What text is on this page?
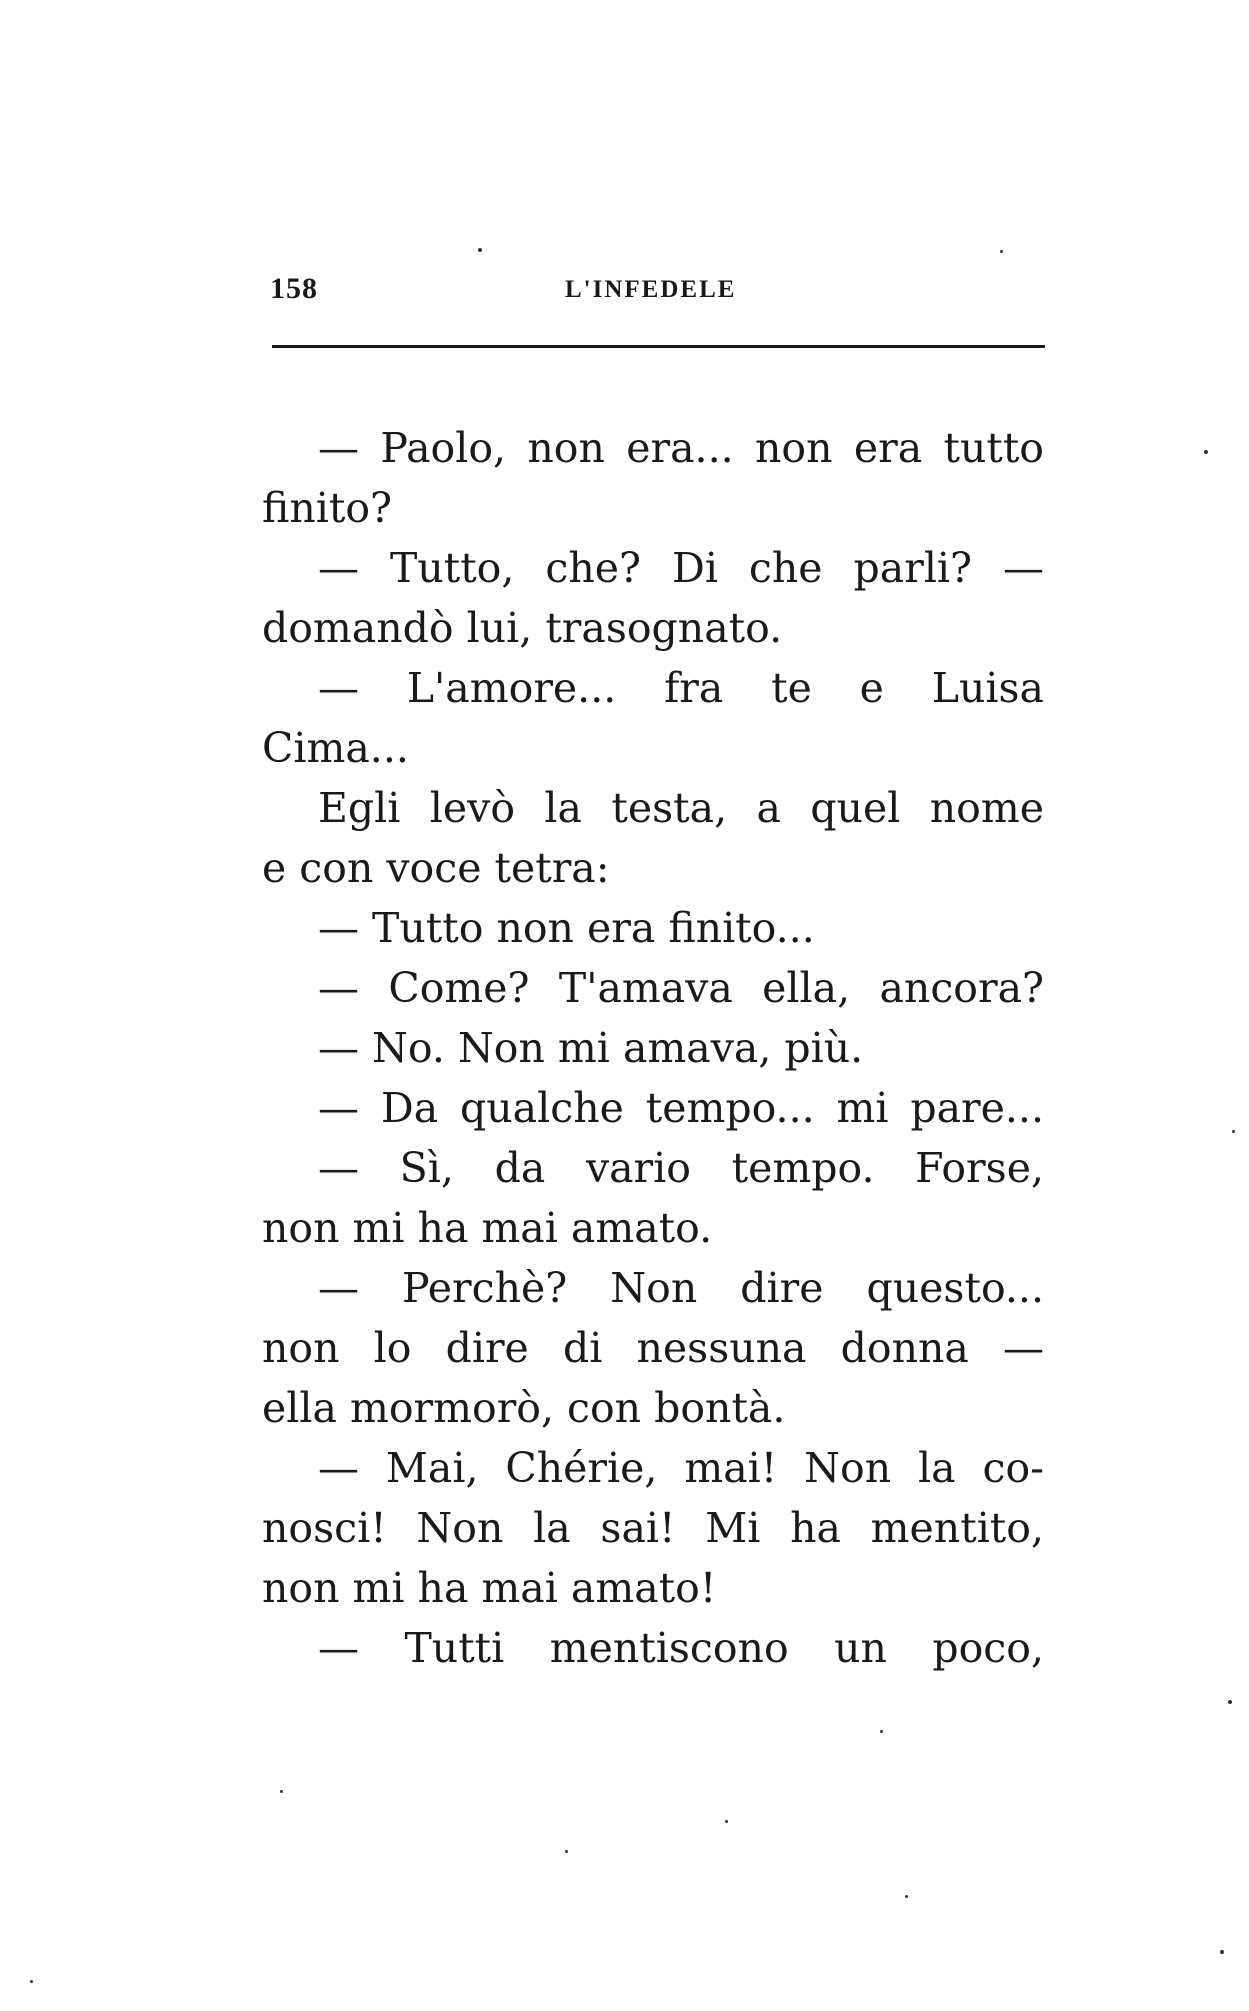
158	L'INFEDELE
— Paolo, non era... non era tutto
finito?
— Tutto, che? Di che parli? —
domandò lui, trasognato.
— L'amore... fra te e Luisa
Cima...
Egli levò la testa, a quel nome
e con voce tetra:
— Tutto non era finito...
— Come? T'amava ella, ancora?
— No. Non mi amava, più.
— Da qualche tempo... mi pare...
— Sì, da vario tempo. Forse,
non mi ha mai amato.
— Perchè? Non dire questo...
non lo dire di nessuna donna —
ella mormorò, con bontà.
— Mai, Chérie, mai! Non la co-
nosci! Non la sai! Mi ha mentito,
non mi ha mai amato!
— Tutti mentiscono un poco,
